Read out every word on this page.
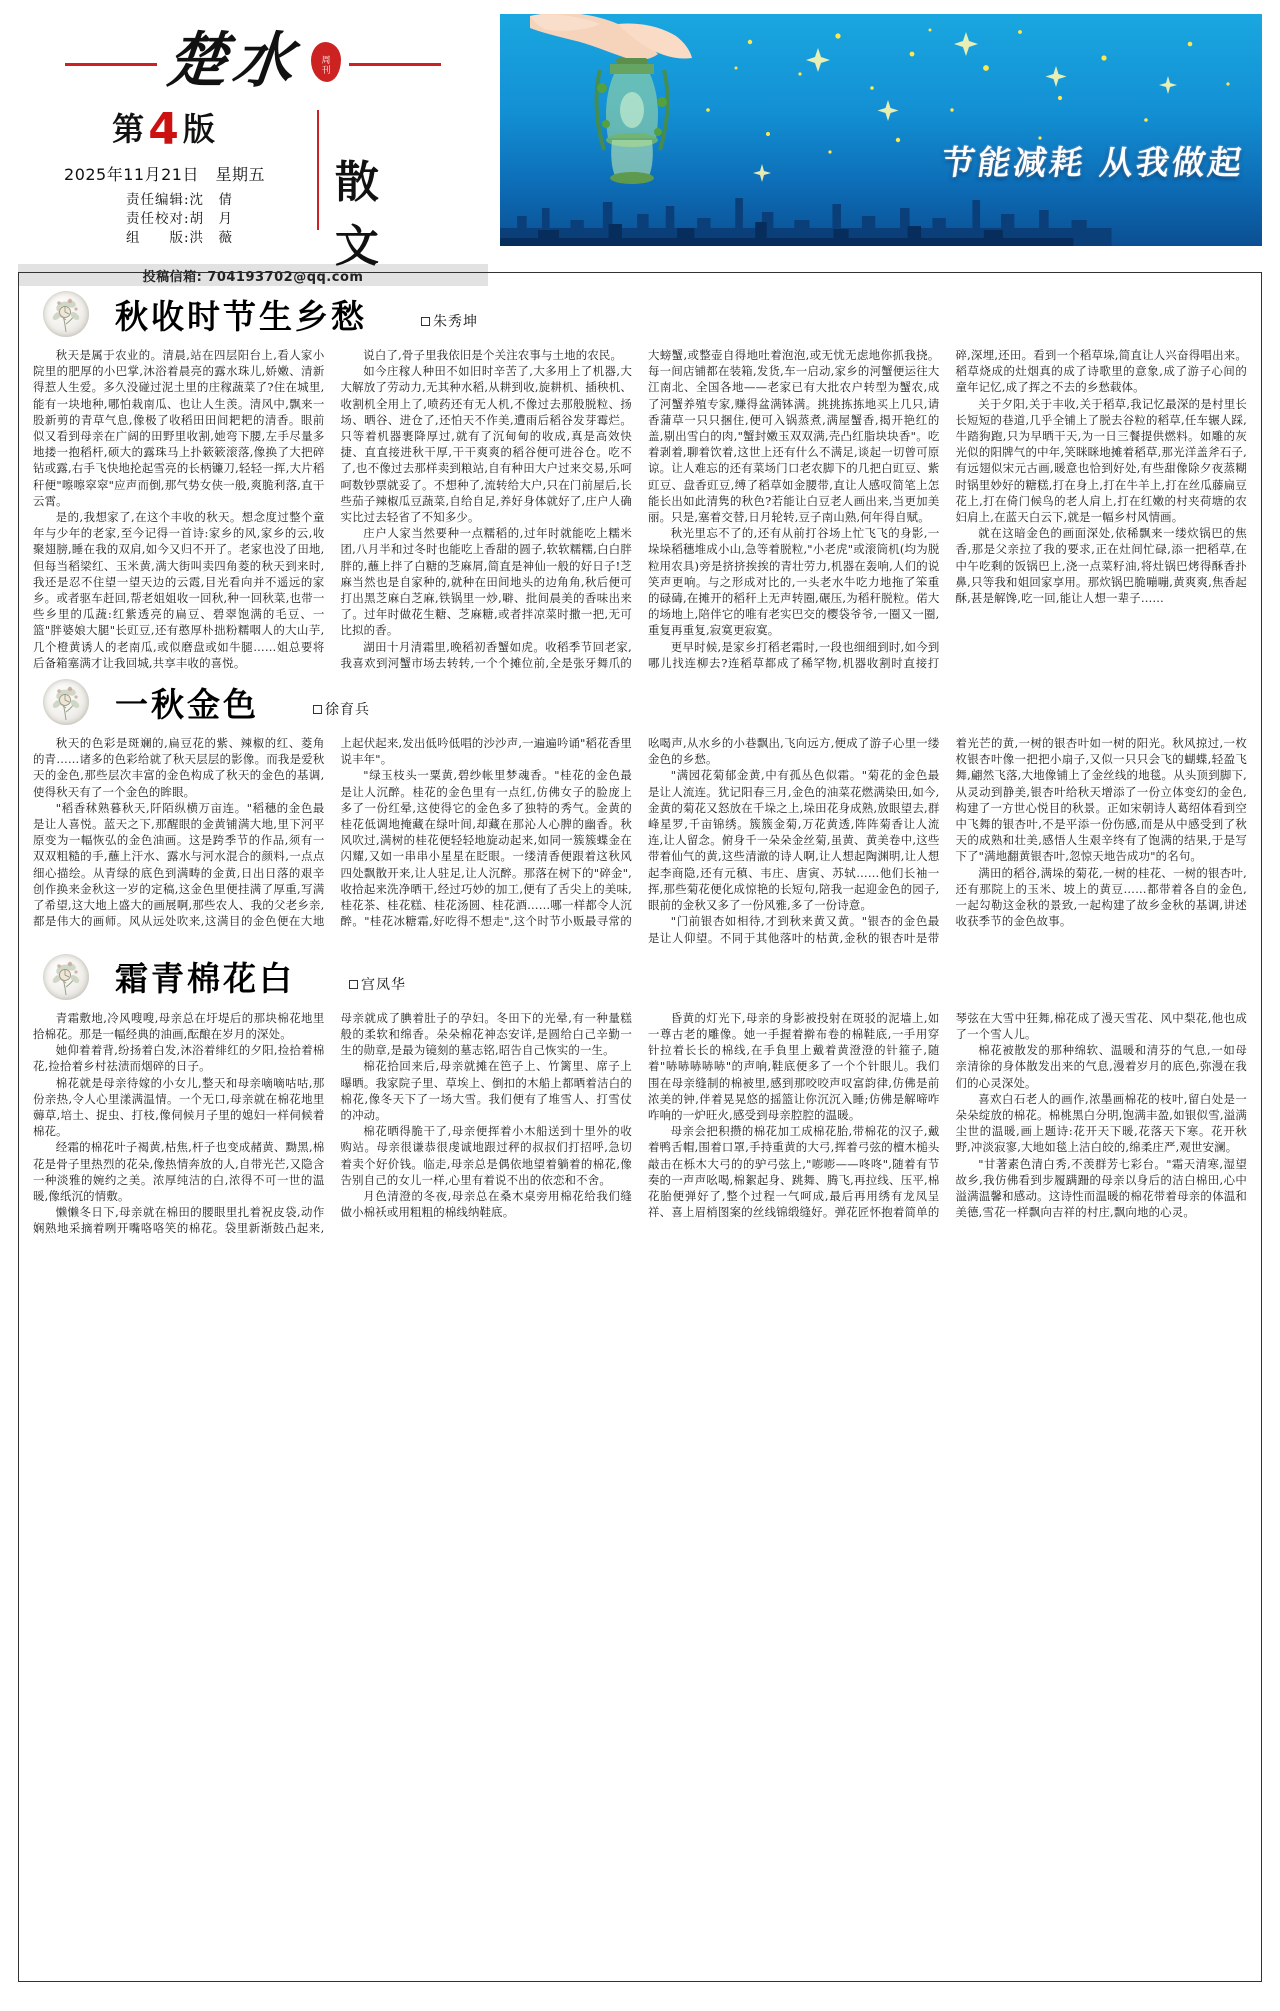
楚水 周
刊
第4版
2025年11月21日　星期五
责任编辑:沈　倩
责任校对:胡　月
组　　版:洪　薇
散　文
投稿信箱: 704193702@qq.com
节能减耗 从我做起
秋收时节生乡愁	朱秀坤

秋天是属于农业的。清晨,站在四层阳台上,看人家小院里的肥厚的小巴掌,沐浴着晨亮的露水珠儿,娇嫩、清新得惹人生爱。多久没碰过泥土里的庄稼蔬菜了?住在城里,能有一块地种,哪怕栽南瓜、也让人生羡。清风中,飘来一股新剪的青草气息,像极了收稻田田间耙耙的清香。眼前似又看到母亲在广阔的田野里收割,她弯下腰,左手尽量多地搂一抱稻杆,硕大的露珠马上扑簌簌滚落,像换了大把碎钻或露,右手飞快地抡起雪亮的长柄镰刀,轻轻一挥,大片稻秆便"嚓嚓窣窣"应声而倒,那气势女侠一般,爽脆利落,直干云霄。

是的,我想家了,在这个丰收的秋天。想念度过整个童年与少年的老家,至今记得一首诗:家乡的风,家乡的云,收聚翅膀,睡在我的双肩,如今又归不开了。老家也没了田地,但每当稻梁红、玉米黄,满大街叫卖四角菱的秋天到来时,我还是忍不住望一望天边的云霞,目光看向并不遥远的家乡。或者驱车赶回,帮老姐姐收一回秋,种一回秋菜,也带一些乡里的瓜蔬:红紫透亮的扁豆、碧翠饱满的毛豆、一篮"胖婆娘大腿"长豇豆,还有憨厚朴拙粉糯咽人的大山芋,几个橙黄诱人的老南瓜,或似磨盘或如牛腿……姐总要将后备箱塞满才让我回城,共享丰收的喜悦。

说白了,骨子里我依旧是个关注农事与土地的农民。

如今庄稼人种田不如旧时辛苦了,大多用上了机器,大大解放了劳动力,无其种水稻,从耕到收,旋耕机、插秧机、收割机全用上了,喷药还有无人机,不像过去那般脱粒、扬场、晒谷、进仓了,还怕天不作美,遭雨后稻谷发芽霉烂。只等着机器裹降厚过,就有了沉甸甸的收成,真是高效快捷、直直接进秋干厚,干干爽爽的稻谷便可进谷仓。吃不了,也不像过去那样卖到粮站,自有种田大户过来交易,乐呵呵数钞票就妥了。不想种了,流转给大户,只在门前屋后,长些茄子辣椒瓜豆蔬菜,自给自足,养好身体就好了,庄户人确实比过去轻省了不知多少。

庄户人家当然要种一点糯稻的,过年时就能吃上糯米团,八月半和过冬时也能吃上香甜的圆子,软软糯糯,白白胖胖的,蘸上拌了白糖的芝麻屑,简直是神仙一般的好日子!芝麻当然也是自家种的,就种在田间地头的边角角,秋后便可打出黑芝麻白芝麻,铁锅里一炒,噼、批间晨美的香味出来了。过年时做花生糖、芝麻糖,或者拌凉菜时撒一把,无可比拟的香。

湖田十月清霜里,晚稻初香蟹如虎。收稻季节回老家,我喜欢到河蟹市场去转转,一个个摊位前,全是张牙舞爪的大螃蟹,或整壶自得地吐着泡泡,或无忧无虑地你抓我挠。每一间店铺都在装箱,发货,车一启动,家乡的河蟹便运往大江南北、全国各地——老家已有大批农户转型为蟹农,成了河蟹养殖专家,赚得盆满钵满。挑挑拣拣地买上几只,请香蒲草一只只捆住,便可入锅蒸煮,满屋蟹香,揭开艳红的盖,剔出雪白的肉,"蟹封嫩玉双双满,壳凸红脂块块香"。吃着剥着,聊着饮着,这世上还有什么不满足,谈起一切曾可原谅。让人难忘的还有菜场门口老农脚下的几把白豇豆、紫豇豆、盘香豇豆,缚了稻草如金腰带,直让人感叹简笔上怎能长出如此清隽的秋色?若能让白豆老人画出来,当更加美丽。只是,塞着交替,日月轮转,豆子南山熟,何年得自赋。

秋光里忘不了的,还有从前打谷场上忙飞飞的身影,一垛垛稻穗堆成小山,急等着脱粒,"小老虎"或滚筒机(均为脱粒用农具)旁是挤挤挨挨的青壮劳力,机器在轰响,人们的说笑声更响。与之形成对比的,一头老水牛吃力地拖了笨重的碌碡,在摊开的稻秆上无声转圈,碾压,为稻秆脱粒。偌大的场地上,陪伴它的唯有老实巴交的樱袋爷爷,一圈又一圈,重复再重复,寂寞更寂寞。

更早时候,是家乡打稻老霜时,一段也细细到时,如今到哪儿找连柳去?连稻草都成了稀罕物,机器收割时直接打碎,深埋,还田。看到一个稻草垛,简直让人兴奋得唱出来。稻草烧成的灶烟真的成了诗歌里的意象,成了游子心间的童年记忆,成了挥之不去的乡愁载体。

关于夕阳,关于丰收,关于稻草,我记忆最深的是村里长长短短的巷道,几乎全铺上了脱去谷粒的稻草,任车辗人踩,牛踏狗跑,只为早晒干天,为一日三餐提供燃料。如雕的灰光似的阳牌气的中年,笑眯眯地摊着稻草,那光洋盖斧石子,有远翅似宋元古画,暖意也恰到好处,有些甜像除夕夜蒸糊时锅里妙好的糖糕,打在身上,打在牛羊上,打在丝瓜藤扁豆花上,打在倚门候鸟的老人肩上,打在红嫩的村夹荷塘的农妇肩上,在蓝天白云下,就是一幅乡村风情画。

就在这暗金色的画面深处,依稀飘来一缕炊锅巴的焦香,那是父亲拉了我的要求,正在灶间忙碌,添一把稻草,在中午吃剩的饭锅巴上,浇一点菜籽油,将灶锅巴烤得酥香扑鼻,只等我和姐回家享用。那炊锅巴脆嘣嘣,黄爽爽,焦香起酥,甚是解馋,吃一回,能让人想一辈子……

一秋金色	徐育兵

秋天的色彩是斑斓的,扁豆花的紫、辣椒的红、菱角的青……诸多的色彩给就了秋天层层的影像。而我是爱秋天的金色,那些层次丰富的金色构成了秋天的金色的基调,使得秋天有了一个金色的眸眼。

"稻香秫熟暮秋天,阡陌纵横万亩连。"稻穗的金色最是让人喜悦。蓝天之下,那醒眼的金黄铺满大地,里下河平原变为一幅恢弘的金色油画。这是跨季节的作品,须有一双双粗糙的手,蘸上汗水、露水与河水混合的颜料,一点点细心描绘。从青绿的底色到满畴的金黄,日出日落的艰辛创作换来金秋这一岁的定稿,这金色里便挂满了厚重,写满了希望,这大地上盛大的画展啊,那些农人、我的父老乡亲,都是伟大的画师。风从远处吹来,这满目的金色便在大地上起伏起来,发出低吟低唱的沙沙声,一遍遍吟诵"稻花香里说丰年"。

"绿玉枝头一粟黄,碧纱帐里梦魂香。"桂花的金色最是让人沉醉。桂花的金色里有一点红,仿佛女子的脸庞上多了一份红晕,这使得它的金色多了独特的秀气。金黄的桂花低调地掩藏在绿叶间,却藏在那沁人心脾的幽香。秋风吹过,满树的桂花便轻轻地旋动起来,如同一簇簇蝶金在闪耀,又如一串串小星星在眨眼。一缕清香便跟着这秋风四处飘散开来,让人驻足,让人沉醉。那落在树下的"碎金",收拾起来洗净晒干,经过巧妙的加工,便有了舌尖上的美味,桂花茶、桂花糕、桂花汤圆、桂花酒……哪一样都令人沉醉。"桂花冰糖霜,好吃得不想走",这个时节小贩最寻常的吆喝声,从水乡的小巷飘出,飞向远方,便成了游子心里一缕金色的乡愁。

"满园花菊郁金黄,中有孤丛色似霜。"菊花的金色最是让人流连。犹记阳春三月,金色的油菜花燃满染田,如今,金黄的菊花又怒放在千垛之上,垛田花身成熟,放眼望去,群峰星罗,千亩锦绣。簇簇金菊,万花黄透,阵阵菊香让人流连,让人留念。俯身千一朵朵金丝菊,虽黄、黄美卷中,这些带着仙气的黄,这些清澈的诗人啊,让人想起陶渊明,让人想起李商隐,还有元稹、韦庄、唐寅、苏轼……他们长袖一挥,那些菊花便化成惊艳的长短句,陪我一起迎金色的园子,眼前的金秋又多了一份风雅,多了一份诗意。

"门前银杏如相待,才到秋来黄又黄。"银杏的金色最是让人仰望。不同于其他落叶的枯黄,金秋的银杏叶是带着光芒的黄,一树的银杏叶如一树的阳光。秋风掠过,一枚枚银杏叶像一把把小扇子,又似一只只会飞的蝴蝶,轻盈飞舞,翩然飞落,大地像铺上了金丝线的地毯。从头顶到脚下,从灵动到静美,银杏叶给秋天增添了一份立体变幻的金色,构建了一方世心悦目的秋景。正如宋朝诗人葛绍体看到空中飞舞的银杏叶,不是平添一份伤感,而是从中感受到了秋天的成熟和壮美,感悟人生艰辛终有了饱满的结果,于是写下了"满地翻黄银杏叶,忽惊天地告成功"的名句。

满田的稻谷,满垛的菊花,一树的桂花、一树的银杏叶,还有那院上的玉米、坡上的黄豆……都带着各自的金色,一起勾勒这金秋的景致,一起构建了故乡金秋的基调,讲述收获季节的金色故事。

霜青棉花白	宫凤华

青霜敷地,冷风嗖嗖,母亲总在圩堤后的那块棉花地里拾棉花。那是一幅经典的油画,酝酿在岁月的深处。

她仰着着背,纷扬着白发,沐浴着绯红的夕阳,捡拾着棉花,捡拾着乡村祛渍而烟碎的日子。

棉花就是母亲待嫁的小女儿,整天和母亲嘀嘀咕咕,那份亲热,令人心里漾满温情。一个无口,母亲就在棉花地里薅草,培土、捉虫、打枝,像伺候月子里的媳妇一样伺候着棉花。

经霜的棉花叶子褐黄,枯焦,杆子也变成赭黄、黝黑,棉花是骨子里热烈的花朵,像热情奔放的人,自带光芒,又隐含一种淡雅的婉约之美。浓厚纯洁的白,浓得不可一世的温暖,像纸沉的情敷。

懒懒冬日下,母亲就在棉田的腰眼里扎着祝皮袋,动作娴熟地采摘着咧开嘴咯咯笑的棉花。袋里新渐鼓凸起来,母亲就成了腆着肚子的孕妇。冬田下的光晕,有一种量糕般的柔软和绵香。朵朵棉花神态安详,是圆给白己辛勤一生的勋章,是最为镜刻的墓志铭,昭告自己恢实的一生。

棉花拾回来后,母亲就摊在笆子上、竹篱里、席子上曝晒。我家院子里、草埃上、倒扣的木船上都晒着洁白的棉花,像冬天下了一场大雪。我们便有了堆雪人、打雪仗的冲动。

棉花晒得脆干了,母亲便挥着小木船送到十里外的收购站。母亲很谦恭很虔诚地跟过秤的叔叔们打招呼,急切着卖个好价钱。临走,母亲总是偶依地望着躺着的棉花,像告别自己的女儿一样,心里有着说不出的依恋和不舍。

月色清澄的冬夜,母亲总在桑木桌旁用棉花给我们缝做小棉袄或用粗粗的棉线纳鞋底。

昏黄的灯光下,母亲的身影被投射在斑驳的泥墙上,如一尊古老的雕像。她一手握着擀布卷的棉鞋底,一手用穿针拉着长长的棉线,在手負里上戴着黄澄澄的针箍子,随着"哧哧哧哧哧"的声响,鞋底便多了一个个针眼儿。我们围在母亲缝制的棉被里,感到那咬咬声叹富韵律,仿佛是前浓美的钟,伴着晃晃悠的摇篮让你沉沉入睡;仿佛是解啼咋咋响的一炉旺火,感受到母亲腔腔的温暖。

母亲会把积攒的棉花加工成棉花胎,带棉花的汉子,戴着鸭舌帽,围着口罩,手持重黄的大弓,挥着弓弦的檀木槌头敲击在栎木大弓的的驴弓弦上,"嘭嘭——咚咚",随着有节奏的一声声吆喝,棉絮起身、跳舞、腾飞,再拉线、压平,棉花胎便弹好了,整个过程一气呵成,最后再用绣有龙凤呈祥、喜上眉梢图案的丝线锦缎缝好。弹花匠怀抱着简单的琴弦在大雪中狂舞,棉花成了漫天雪花、风中梨花,他也成了一个雪人儿。

棉花被散发的那种绵软、温暖和清芬的气息,一如母亲清徐的身体散发出来的气息,漫着岁月的底色,弥漫在我们的心灵深处。

喜欢白石老人的画作,浓墨画棉花的枝叶,留白处是一朵朵绽放的棉花。棉桃黑白分明,饱满丰盈,如银似雪,溢满尘世的温暖,画上题诗:花开天下暖,花落天下寒。花开秋野,冲淡寂寥,大地如毯上洁白皎的,绵柔庄严,观世安澜。

"甘著素色清白秀,不羡群芳七彩台。"霜天清寒,湿望故乡,我仿佛看到步履蹒跚的母亲以身后的洁白棉田,心中溢满温馨和感动。这诗性而温暖的棉花带着母亲的体温和美德,雪花一样飘向吉祥的村庄,飘向地的心灵。
